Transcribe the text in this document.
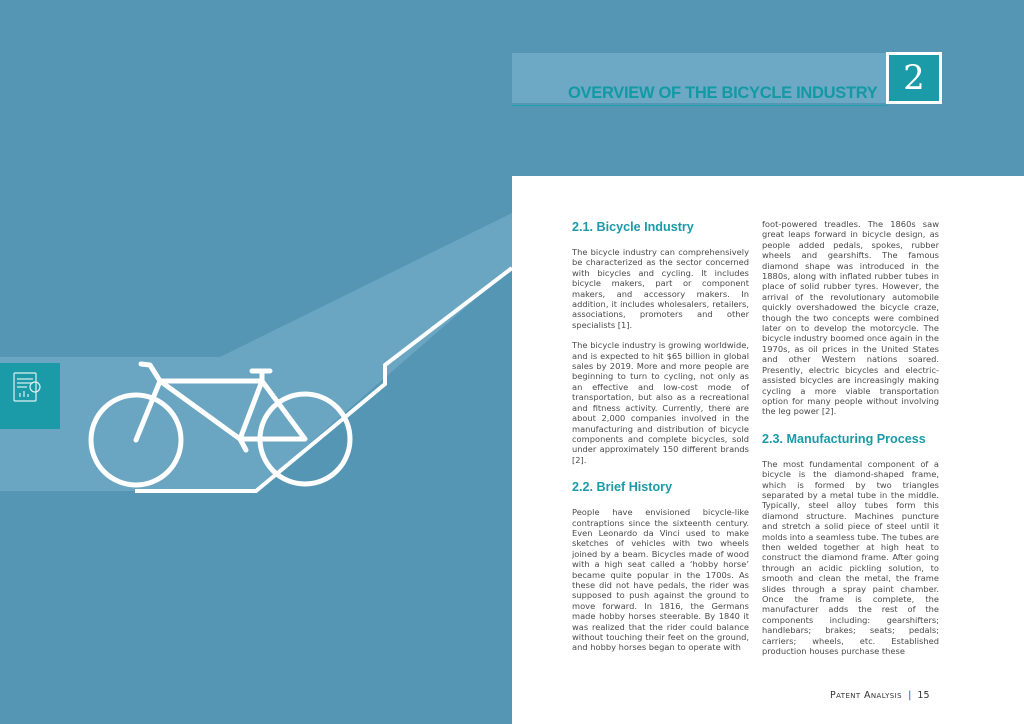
OVERVIEW OF THE BICYCLE INDUSTRY 2
2.1. Bicycle Industry

The bicycle industry can comprehensively be characterized as the sector concerned with bicycles and cycling. It includes bicycle makers, part or component makers, and accessory makers. In addition, it includes wholesalers, retailers, associations, promoters and other specialists [1].

The bicycle industry is growing worldwide, and is expected to hit $65 billion in global sales by 2019. More and more people are beginning to turn to cycling, not only as an effective and low-cost mode of transportation, but also as a recreational and fitness activity. Currently, there are about 2,000 companies involved in the manufacturing and distribution of bicycle components and complete bicycles, sold under approximately 150 different brands [2].

2.2. Brief History

People have envisioned bicycle-like contraptions since the sixteenth century. Even Leonardo da Vinci used to make sketches of vehicles with two wheels joined by a beam. Bicycles made of wood with a high seat called a ‘hobby horse’ became quite popular in the 1700s. As these did not have pedals, the rider was supposed to push against the ground to move forward. In 1816, the Germans made hobby horses steerable. By 1840 it was realized that the rider could balance without touching their feet on the ground, and hobby horses began to operate with

foot-powered treadles. The 1860s saw great leaps forward in bicycle design, as people added pedals, spokes, rubber wheels and gearshifts. The famous diamond shape was introduced in the 1880s, along with inflated rubber tubes in place of solid rubber tyres. However, the arrival of the revolutionary automobile quickly overshadowed the bicycle craze, though the two concepts were combined later on to develop the motorcycle. The bicycle industry boomed once again in the 1970s, as oil prices in the United States and other Western nations soared. Presently, electric bicycles and electric-assisted bicycles are increasingly making cycling a more viable transportation option for many people without involving the leg power [2].

2.3. Manufacturing Process

The most fundamental component of a bicycle is the diamond-shaped frame, which is formed by two triangles separated by a metal tube in the middle. Typically, steel alloy tubes form this diamond structure. Machines puncture and stretch a solid piece of steel until it molds into a seamless tube. The tubes are then welded together at high heat to construct the diamond frame. After going through an acidic pickling solution, to smooth and clean the metal, the frame slides through a spray paint chamber. Once the frame is complete, the manufacturer adds the rest of the components including: gearshifters; handlebars; brakes; seats; pedals; carriers; wheels, etc. Established production houses purchase these

Patent Analysis | 15
